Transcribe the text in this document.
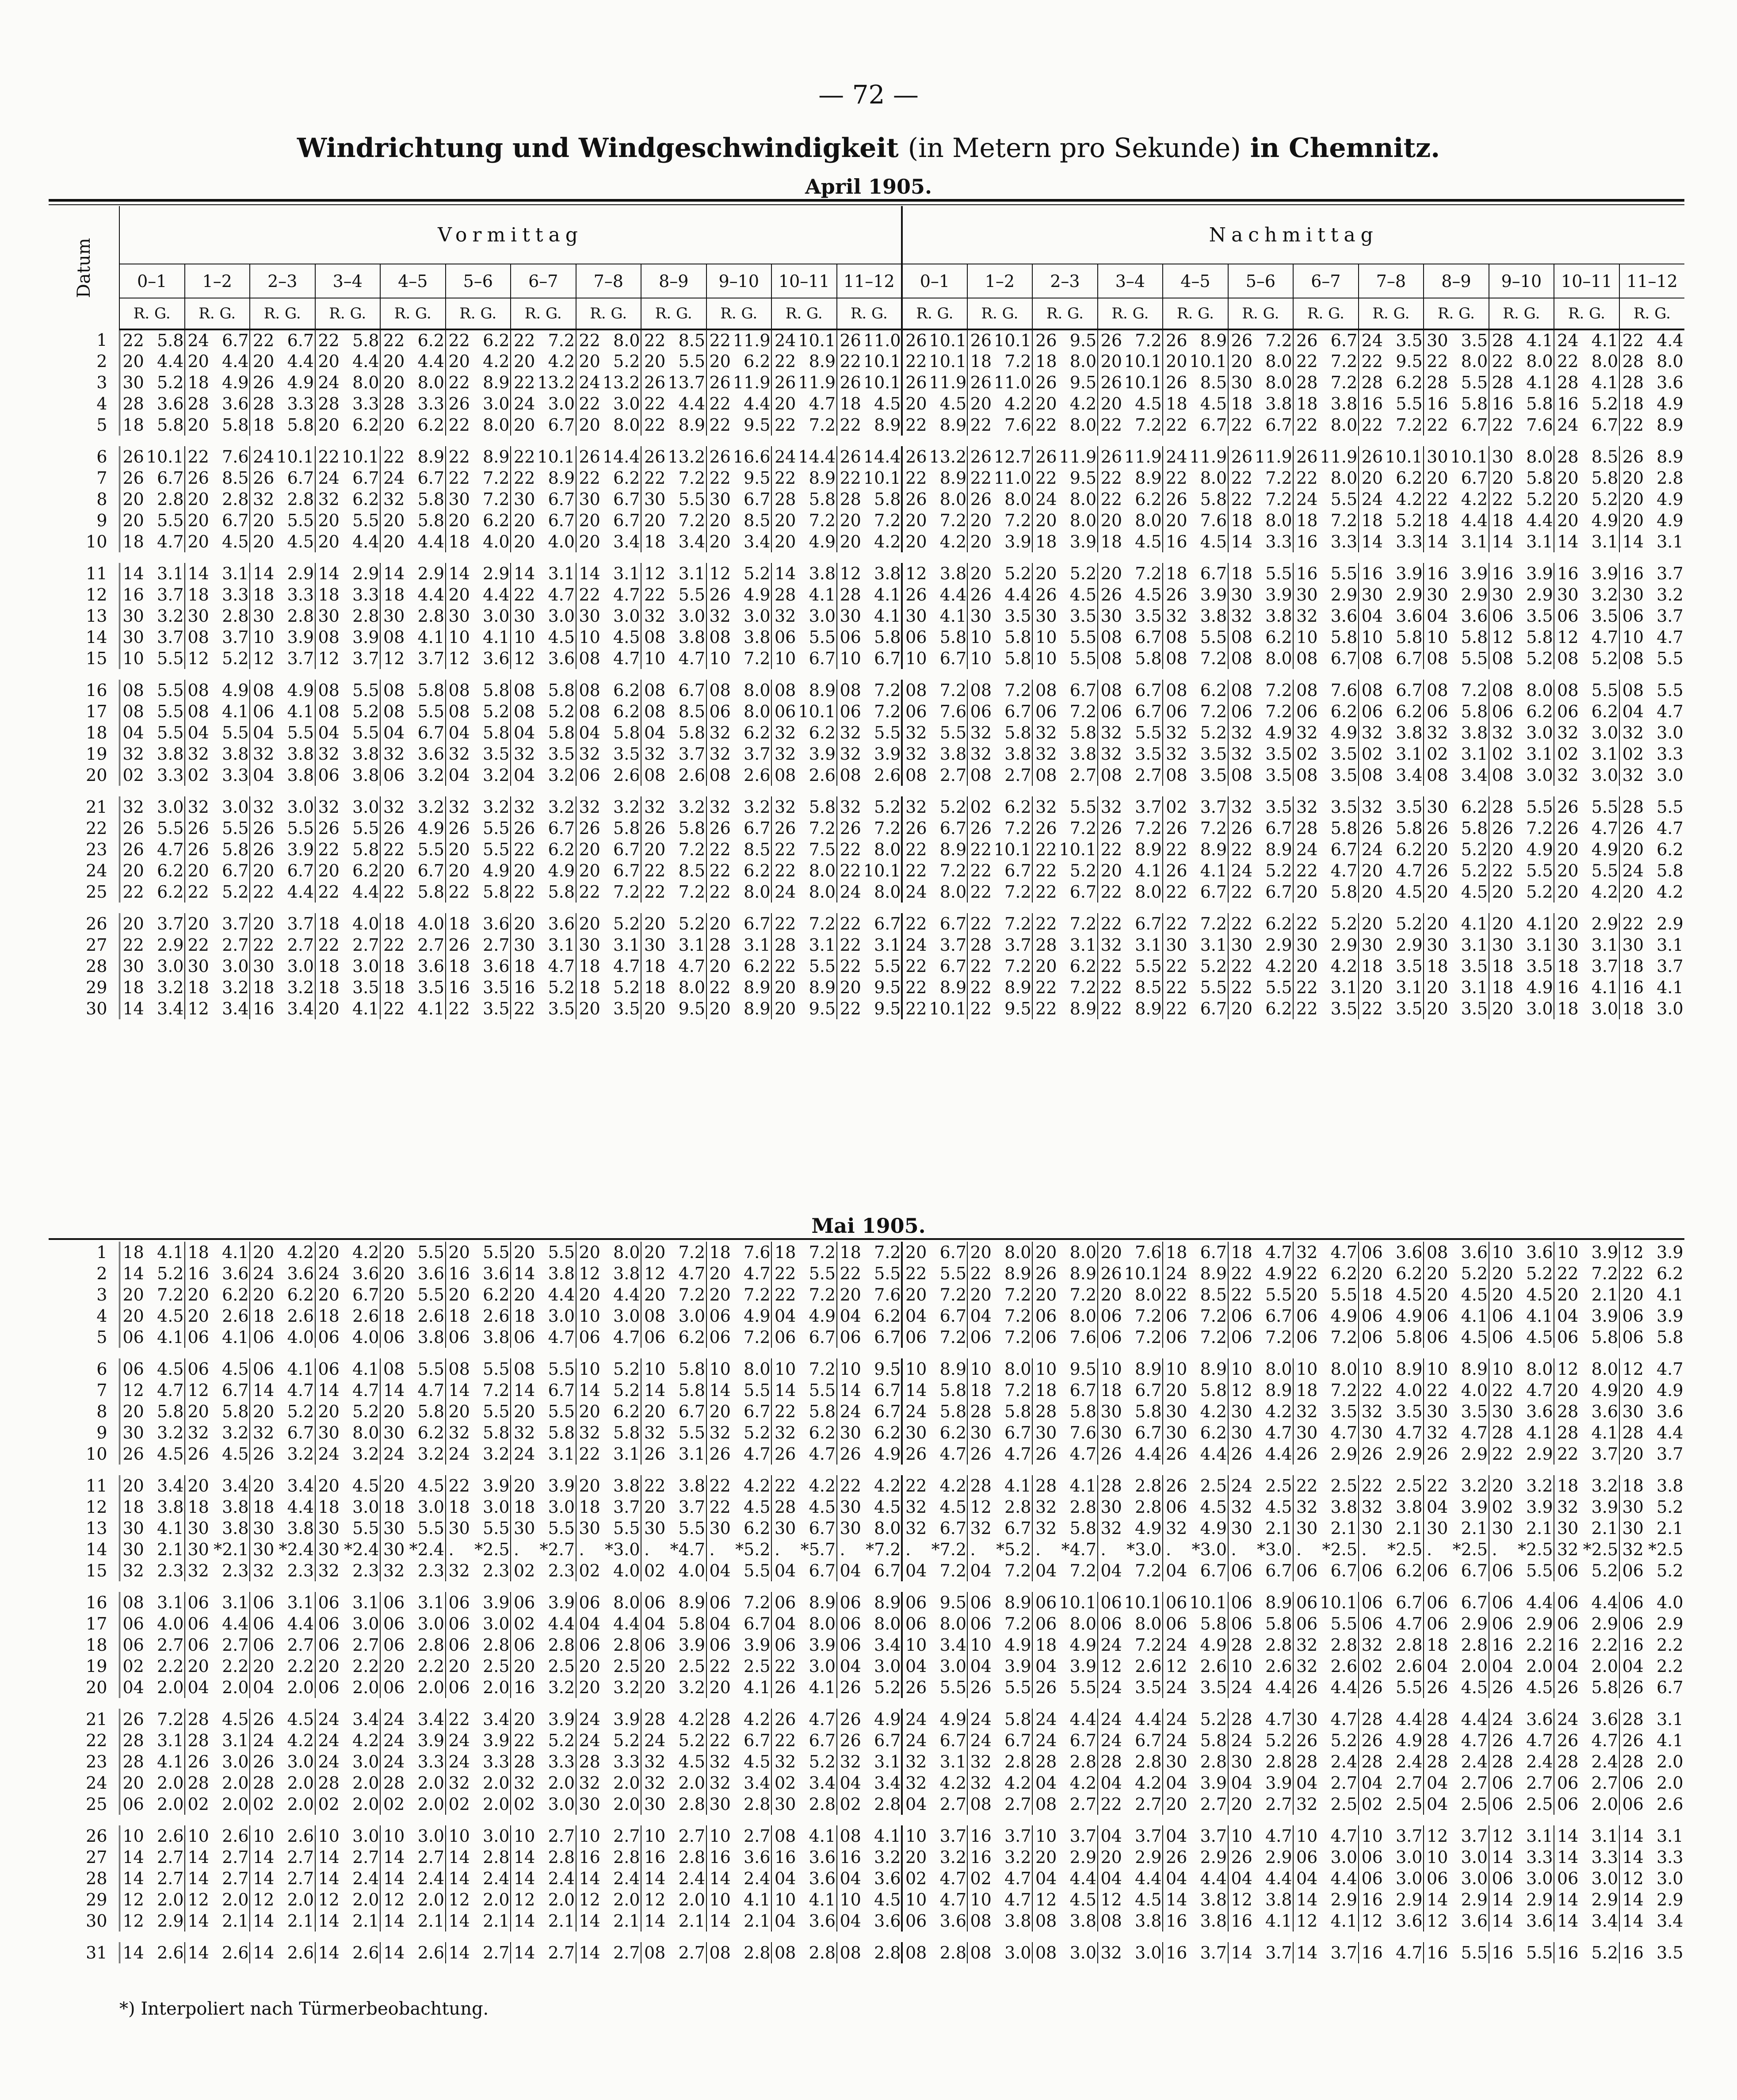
— 72 —
Windrichtung und Windgeschwindigkeit (in Metern pro Sekunde) in Chemnitz.
April 1905.
Mai 1905.
Datum	Vormittag												Nachmittag											
	0–1	1–2	2–3	3–4	4–5	5–6	6–7	7–8	8–9	9–10	10–11	11–12	0–1	1–2	2–3	3–4	4–5	5–6	6–7	7–8	8–9	9–10	10–11	11–12
	R. G.	R. G.	R. G.	R. G.	R. G.	R. G.	R. G.	R. G.	R. G.	R. G.	R. G.	R. G.	R. G.	R. G.	R. G.	R. G.	R. G.	R. G.	R. G.	R. G.	R. G.	R. G.	R. G.	R. G.
1	22 5.8	24 6.7	22 6.7	22 5.8	22 6.2	22 6.2	22 7.2	22 8.0	22 8.5	22 11.9	24 10.1	26 11.0	26 10.1	26 10.1	26 9.5	26 7.2	26 8.9	26 7.2	26 6.7	24 3.5	30 3.5	28 4.1	24 4.1	22 4.4
2	20 4.4	20 4.4	20 4.4	20 4.4	20 4.4	20 4.2	20 4.2	20 5.2	20 5.5	20 6.2	22 8.9	22 10.1	22 10.1	18 7.2	18 8.0	20 10.1	20 10.1	20 8.0	22 7.2	22 9.5	22 8.0	22 8.0	22 8.0	28 8.0
3	30 5.2	18 4.9	26 4.9	24 8.0	20 8.0	22 8.9	22 13.2	24 13.2	26 13.7	26 11.9	26 11.9	26 10.1	26 11.9	26 11.0	26 9.5	26 10.1	26 8.5	30 8.0	28 7.2	28 6.2	28 5.5	28 4.1	28 4.1	28 3.6
4	28 3.6	28 3.6	28 3.3	28 3.3	28 3.3	26 3.0	24 3.0	22 3.0	22 4.4	22 4.4	20 4.7	18 4.5	20 4.5	20 4.2	20 4.2	20 4.5	18 4.5	18 3.8	18 3.8	16 5.5	16 5.8	16 5.8	16 5.2	18 4.9
5	18 5.8	20 5.8	18 5.8	20 6.2	20 6.2	22 8.0	20 6.7	20 8.0	22 8.9	22 9.5	22 7.2	22 8.9	22 8.9	22 7.6	22 8.0	22 7.2	22 6.7	22 6.7	22 8.0	22 7.2	22 6.7	22 7.6	24 6.7	22 8.9

6	26 10.1	22 7.6	24 10.1	22 10.1	22 8.9	22 8.9	22 10.1	26 14.4	26 13.2	26 16.6	24 14.4	26 14.4	26 13.2	26 12.7	26 11.9	26 11.9	24 11.9	26 11.9	26 11.9	26 10.1	30 10.1	30 8.0	28 8.5	26 8.9
7	26 6.7	26 8.5	26 6.7	24 6.7	24 6.7	22 7.2	22 8.9	22 6.2	22 7.2	22 9.5	22 8.9	22 10.1	22 8.9	22 11.0	22 9.5	22 8.9	22 8.0	22 7.2	22 8.0	20 6.2	20 6.7	20 5.8	20 5.8	20 2.8
8	20 2.8	20 2.8	32 2.8	32 6.2	32 5.8	30 7.2	30 6.7	30 6.7	30 5.5	30 6.7	28 5.8	28 5.8	26 8.0	26 8.0	24 8.0	22 6.2	26 5.8	22 7.2	24 5.5	24 4.2	22 4.2	22 5.2	20 5.2	20 4.9
9	20 5.5	20 6.7	20 5.5	20 5.5	20 5.8	20 6.2	20 6.7	20 6.7	20 7.2	20 8.5	20 7.2	20 7.2	20 7.2	20 7.2	20 8.0	20 8.0	20 7.6	18 8.0	18 7.2	18 5.2	18 4.4	18 4.4	20 4.9	20 4.9
10	18 4.7	20 4.5	20 4.5	20 4.4	20 4.4	18 4.0	20 4.0	20 3.4	18 3.4	20 3.4	20 4.9	20 4.2	20 4.2	20 3.9	18 3.9	18 4.5	16 4.5	14 3.3	16 3.3	14 3.3	14 3.1	14 3.1	14 3.1	14 3.1

11	14 3.1	14 3.1	14 2.9	14 2.9	14 2.9	14 2.9	14 3.1	14 3.1	12 3.1	12 5.2	14 3.8	12 3.8	12 3.8	20 5.2	20 5.2	20 7.2	18 6.7	18 5.5	16 5.5	16 3.9	16 3.9	16 3.9	16 3.9	16 3.7
12	16 3.7	18 3.3	18 3.3	18 3.3	18 4.4	20 4.4	22 4.7	22 4.7	22 5.5	26 4.9	28 4.1	28 4.1	26 4.4	26 4.4	26 4.5	26 4.5	26 3.9	30 3.9	30 2.9	30 2.9	30 2.9	30 2.9	30 3.2	30 3.2
13	30 3.2	30 2.8	30 2.8	30 2.8	30 2.8	30 3.0	30 3.0	30 3.0	32 3.0	32 3.0	32 3.0	30 4.1	30 4.1	30 3.5	30 3.5	30 3.5	32 3.8	32 3.8	32 3.6	04 3.6	04 3.6	06 3.5	06 3.5	06 3.7
14	30 3.7	08 3.7	10 3.9	08 3.9	08 4.1	10 4.1	10 4.5	10 4.5	08 3.8	08 3.8	06 5.5	06 5.8	06 5.8	10 5.8	10 5.5	08 6.7	08 5.5	08 6.2	10 5.8	10 5.8	10 5.8	12 5.8	12 4.7	10 4.7
15	10 5.5	12 5.2	12 3.7	12 3.7	12 3.7	12 3.6	12 3.6	08 4.7	10 4.7	10 7.2	10 6.7	10 6.7	10 6.7	10 5.8	10 5.5	08 5.8	08 7.2	08 8.0	08 6.7	08 6.7	08 5.5	08 5.2	08 5.2	08 5.5

16	08 5.5	08 4.9	08 4.9	08 5.5	08 5.8	08 5.8	08 5.8	08 6.2	08 6.7	08 8.0	08 8.9	08 7.2	08 7.2	08 7.2	08 6.7	08 6.7	08 6.2	08 7.2	08 7.6	08 6.7	08 7.2	08 8.0	08 5.5	08 5.5
17	08 5.5	08 4.1	06 4.1	08 5.2	08 5.5	08 5.2	08 5.2	08 6.2	08 8.5	06 8.0	06 10.1	06 7.2	06 7.6	06 6.7	06 7.2	06 6.7	06 7.2	06 7.2	06 6.2	06 6.2	06 5.8	06 6.2	06 6.2	04 4.7
18	04 5.5	04 5.5	04 5.5	04 5.5	04 6.7	04 5.8	04 5.8	04 5.8	04 5.8	32 6.2	32 6.2	32 5.5	32 5.5	32 5.8	32 5.8	32 5.5	32 5.2	32 4.9	32 4.9	32 3.8	32 3.8	32 3.0	32 3.0	32 3.0
19	32 3.8	32 3.8	32 3.8	32 3.8	32 3.6	32 3.5	32 3.5	32 3.5	32 3.7	32 3.7	32 3.9	32 3.9	32 3.8	32 3.8	32 3.8	32 3.5	32 3.5	32 3.5	02 3.5	02 3.1	02 3.1	02 3.1	02 3.1	02 3.3
20	02 3.3	02 3.3	04 3.8	06 3.8	06 3.2	04 3.2	04 3.2	06 2.6	08 2.6	08 2.6	08 2.6	08 2.6	08 2.7	08 2.7	08 2.7	08 2.7	08 3.5	08 3.5	08 3.5	08 3.4	08 3.4	08 3.0	32 3.0	32 3.0

21	32 3.0	32 3.0	32 3.0	32 3.0	32 3.2	32 3.2	32 3.2	32 3.2	32 3.2	32 3.2	32 5.8	32 5.2	32 5.2	02 6.2	32 5.5	32 3.7	02 3.7	32 3.5	32 3.5	32 3.5	30 6.2	28 5.5	26 5.5	28 5.5
22	26 5.5	26 5.5	26 5.5	26 5.5	26 4.9	26 5.5	26 6.7	26 5.8	26 5.8	26 6.7	26 7.2	26 7.2	26 6.7	26 7.2	26 7.2	26 7.2	26 7.2	26 6.7	28 5.8	26 5.8	26 5.8	26 7.2	26 4.7	26 4.7
23	26 4.7	26 5.8	26 3.9	22 5.8	22 5.5	20 5.5	22 6.2	20 6.7	20 7.2	22 8.5	22 7.5	22 8.0	22 8.9	22 10.1	22 10.1	22 8.9	22 8.9	22 8.9	24 6.7	24 6.2	20 5.2	20 4.9	20 4.9	20 6.2
24	20 6.2	20 6.7	20 6.7	20 6.2	20 6.7	20 4.9	20 4.9	20 6.7	22 8.5	22 6.2	22 8.0	22 10.1	22 7.2	22 6.7	22 5.2	20 4.1	26 4.1	24 5.2	22 4.7	20 4.7	26 5.2	22 5.5	20 5.5	24 5.8
25	22 6.2	22 5.2	22 4.4	22 4.4	22 5.8	22 5.8	22 5.8	22 7.2	22 7.2	22 8.0	24 8.0	24 8.0	24 8.0	22 7.2	22 6.7	22 8.0	22 6.7	22 6.7	20 5.8	20 4.5	20 4.5	20 5.2	20 4.2	20 4.2

26	20 3.7	20 3.7	20 3.7	18 4.0	18 4.0	18 3.6	20 3.6	20 5.2	20 5.2	20 6.7	22 7.2	22 6.7	22 6.7	22 7.2	22 7.2	22 6.7	22 7.2	22 6.2	22 5.2	20 5.2	20 4.1	20 4.1	20 2.9	22 2.9
27	22 2.9	22 2.7	22 2.7	22 2.7	22 2.7	26 2.7	30 3.1	30 3.1	30 3.1	28 3.1	28 3.1	22 3.1	24 3.7	28 3.7	28 3.1	32 3.1	30 3.1	30 2.9	30 2.9	30 2.9	30 3.1	30 3.1	30 3.1	30 3.1
28	30 3.0	30 3.0	30 3.0	18 3.0	18 3.6	18 3.6	18 4.7	18 4.7	18 4.7	20 6.2	22 5.5	22 5.5	22 6.7	22 7.2	20 6.2	22 5.5	22 5.2	22 4.2	20 4.2	18 3.5	18 3.5	18 3.5	18 3.7	18 3.7
29	18 3.2	18 3.2	18 3.2	18 3.5	18 3.5	16 3.5	16 5.2	18 5.2	18 8.0	22 8.9	20 8.9	20 9.5	22 8.9	22 8.9	22 7.2	22 8.5	22 5.5	22 5.5	22 3.1	20 3.1	20 3.1	18 4.9	16 4.1	16 4.1
30	14 3.4	12 3.4	16 3.4	20 4.1	22 4.1	22 3.5	22 3.5	20 3.5	20 9.5	20 8.9	20 9.5	22 9.5	22 10.1	22 9.5	22 8.9	22 8.9	22 6.7	20 6.2	22 3.5	22 3.5	20 3.5	20 3.0	18 3.0	18 3.0
1	18 4.1	18 4.1	20 4.2	20 4.2	20 5.5	20 5.5	20 5.5	20 8.0	20 7.2	18 7.6	18 7.2	18 7.2	20 6.7	20 8.0	20 8.0	20 7.6	18 6.7	18 4.7	32 4.7	06 3.6	08 3.6	10 3.6	10 3.9	12 3.9
2	14 5.2	16 3.6	24 3.6	24 3.6	20 3.6	16 3.6	14 3.8	12 3.8	12 4.7	20 4.7	22 5.5	22 5.5	22 5.5	22 8.9	26 8.9	26 10.1	24 8.9	22 4.9	22 6.2	20 6.2	20 5.2	20 5.2	22 7.2	22 6.2
3	20 7.2	20 6.2	20 6.2	20 6.7	20 5.5	20 6.2	20 4.4	20 4.4	20 7.2	20 7.2	22 7.2	20 7.6	20 7.2	20 7.2	20 7.2	20 8.0	22 8.5	22 5.5	20 5.5	18 4.5	20 4.5	20 4.5	20 2.1	20 4.1
4	20 4.5	20 2.6	18 2.6	18 2.6	18 2.6	18 2.6	18 3.0	10 3.0	08 3.0	06 4.9	04 4.9	04 6.2	04 6.7	04 7.2	06 8.0	06 7.2	06 7.2	06 6.7	06 4.9	06 4.9	06 4.1	06 4.1	04 3.9	06 3.9
5	06 4.1	06 4.1	06 4.0	06 4.0	06 3.8	06 3.8	06 4.7	06 4.7	06 6.2	06 7.2	06 6.7	06 6.7	06 7.2	06 7.2	06 7.6	06 7.2	06 7.2	06 7.2	06 7.2	06 5.8	06 4.5	06 4.5	06 5.8	06 5.8

6	06 4.5	06 4.5	06 4.1	06 4.1	08 5.5	08 5.5	08 5.5	10 5.2	10 5.8	10 8.0	10 7.2	10 9.5	10 8.9	10 8.0	10 9.5	10 8.9	10 8.9	10 8.0	10 8.0	10 8.9	10 8.9	10 8.0	12 8.0	12 4.7
7	12 4.7	12 6.7	14 4.7	14 4.7	14 4.7	14 7.2	14 6.7	14 5.2	14 5.8	14 5.5	14 5.5	14 6.7	14 5.8	18 7.2	18 6.7	18 6.7	20 5.8	12 8.9	18 7.2	22 4.0	22 4.0	22 4.7	20 4.9	20 4.9
8	20 5.8	20 5.8	20 5.2	20 5.2	20 5.8	20 5.5	20 5.5	20 6.2	20 6.7	20 6.7	22 5.8	24 6.7	24 5.8	28 5.8	28 5.8	30 5.8	30 4.2	30 4.2	32 3.5	32 3.5	30 3.5	30 3.6	28 3.6	30 3.6
9	30 3.2	32 3.2	32 6.7	30 8.0	30 6.2	32 5.8	32 5.8	32 5.8	32 5.5	32 5.2	32 6.2	30 6.2	30 6.2	30 6.7	30 7.6	30 6.7	30 6.2	30 4.7	30 4.7	30 4.7	32 4.7	28 4.1	28 4.1	28 4.4
10	26 4.5	26 4.5	26 3.2	24 3.2	24 3.2	24 3.2	24 3.1	22 3.1	26 3.1	26 4.7	26 4.7	26 4.9	26 4.7	26 4.7	26 4.7	26 4.4	26 4.4	26 4.4	26 2.9	26 2.9	26 2.9	22 2.9	22 3.7	20 3.7

11	20 3.4	20 3.4	20 3.4	20 4.5	20 4.5	22 3.9	20 3.9	20 3.8	22 3.8	22 4.2	22 4.2	22 4.2	22 4.2	28 4.1	28 4.1	28 2.8	26 2.5	24 2.5	22 2.5	22 2.5	22 3.2	20 3.2	18 3.2	18 3.8
12	18 3.8	18 3.8	18 4.4	18 3.0	18 3.0	18 3.0	18 3.0	18 3.7	20 3.7	22 4.5	28 4.5	30 4.5	32 4.5	12 2.8	32 2.8	30 2.8	06 4.5	32 4.5	32 3.8	32 3.8	04 3.9	02 3.9	32 3.9	30 5.2
13	30 4.1	30 3.8	30 3.8	30 5.5	30 5.5	30 5.5	30 5.5	30 5.5	30 5.5	30 6.2	30 6.7	30 8.0	32 6.7	32 6.7	32 5.8	32 4.9	32 4.9	30 2.1	30 2.1	30 2.1	30 2.1	30 2.1	30 2.1	30 2.1
14	30 2.1	30 *2.1	30 *2.4	30 *2.4	30 *2.4	. *2.5	. *2.7	. *3.0	. *4.7	. *5.2	. *5.7	. *7.2	. *7.2	. *5.2	. *4.7	. *3.0	. *3.0	. *3.0	. *2.5	. *2.5	. *2.5	. *2.5	32 *2.5	32 *2.5
15	32 2.3	32 2.3	32 2.3	32 2.3	32 2.3	32 2.3	02 2.3	02 4.0	02 4.0	04 5.5	04 6.7	04 6.7	04 7.2	04 7.2	04 7.2	04 7.2	04 6.7	06 6.7	06 6.7	06 6.2	06 6.7	06 5.5	06 5.2	06 5.2

16	08 3.1	06 3.1	06 3.1	06 3.1	06 3.1	06 3.9	06 3.9	06 8.0	06 8.9	06 7.2	06 8.9	06 8.9	06 9.5	06 8.9	06 10.1	06 10.1	06 10.1	06 8.9	06 10.1	06 6.7	06 6.7	06 4.4	06 4.4	06 4.0
17	06 4.0	06 4.4	06 4.4	06 3.0	06 3.0	06 3.0	02 4.4	04 4.4	04 5.8	04 6.7	04 8.0	06 8.0	06 8.0	06 7.2	06 8.0	06 8.0	06 5.8	06 5.8	06 5.5	06 4.7	06 2.9	06 2.9	06 2.9	06 2.9
18	06 2.7	06 2.7	06 2.7	06 2.7	06 2.8	06 2.8	06 2.8	06 2.8	06 3.9	06 3.9	06 3.9	06 3.4	10 3.4	10 4.9	18 4.9	24 7.2	24 4.9	28 2.8	32 2.8	32 2.8	18 2.8	16 2.2	16 2.2	16 2.2
19	02 2.2	20 2.2	20 2.2	20 2.2	20 2.2	20 2.5	20 2.5	20 2.5	20 2.5	22 2.5	22 3.0	04 3.0	04 3.0	04 3.9	04 3.9	12 2.6	12 2.6	10 2.6	32 2.6	02 2.6	04 2.0	04 2.0	04 2.0	04 2.2
20	04 2.0	04 2.0	04 2.0	06 2.0	06 2.0	06 2.0	16 3.2	20 3.2	20 3.2	20 4.1	26 4.1	26 5.2	26 5.5	26 5.5	26 5.5	24 3.5	24 3.5	24 4.4	26 4.4	26 5.5	26 4.5	26 4.5	26 5.8	26 6.7

21	26 7.2	28 4.5	26 4.5	24 3.4	24 3.4	22 3.4	20 3.9	24 3.9	28 4.2	28 4.2	26 4.7	26 4.9	24 4.9	24 5.8	24 4.4	24 4.4	24 5.2	28 4.7	30 4.7	28 4.4	28 4.4	24 3.6	24 3.6	28 3.1
22	28 3.1	28 3.1	24 4.2	24 4.2	24 3.9	24 3.9	22 5.2	24 5.2	24 5.2	22 6.7	22 6.7	26 6.7	24 6.7	24 6.7	24 6.7	24 6.7	24 5.8	24 5.2	26 5.2	26 4.9	28 4.7	26 4.7	26 4.7	26 4.1
23	28 4.1	26 3.0	26 3.0	24 3.0	24 3.3	24 3.3	28 3.3	28 3.3	32 4.5	32 4.5	32 5.2	32 3.1	32 3.1	32 2.8	28 2.8	28 2.8	30 2.8	30 2.8	28 2.4	28 2.4	28 2.4	28 2.4	28 2.4	28 2.0
24	20 2.0	28 2.0	28 2.0	28 2.0	28 2.0	32 2.0	32 2.0	32 2.0	32 2.0	32 3.4	02 3.4	04 3.4	32 4.2	32 4.2	04 4.2	04 4.2	04 3.9	04 3.9	04 2.7	04 2.7	04 2.7	06 2.7	06 2.7	06 2.0
25	06 2.0	02 2.0	02 2.0	02 2.0	02 2.0	02 2.0	02 3.0	30 2.0	30 2.8	30 2.8	30 2.8	02 2.8	04 2.7	08 2.7	08 2.7	22 2.7	20 2.7	20 2.7	32 2.5	02 2.5	04 2.5	06 2.5	06 2.0	06 2.6

26	10 2.6	10 2.6	10 2.6	10 3.0	10 3.0	10 3.0	10 2.7	10 2.7	10 2.7	10 2.7	08 4.1	08 4.1	10 3.7	16 3.7	10 3.7	04 3.7	04 3.7	10 4.7	10 4.7	10 3.7	12 3.7	12 3.1	14 3.1	14 3.1
27	14 2.7	14 2.7	14 2.7	14 2.7	14 2.7	14 2.8	14 2.8	16 2.8	16 2.8	16 3.6	16 3.6	16 3.2	20 3.2	16 3.2	20 2.9	20 2.9	26 2.9	26 2.9	06 3.0	06 3.0	10 3.0	14 3.3	14 3.3	14 3.3
28	14 2.7	14 2.7	14 2.7	14 2.4	14 2.4	14 2.4	14 2.4	14 2.4	14 2.4	14 2.4	04 3.6	04 3.6	02 4.7	02 4.7	04 4.4	04 4.4	04 4.4	04 4.4	04 4.4	06 3.0	06 3.0	06 3.0	06 3.0	12 3.0
29	12 2.0	12 2.0	12 2.0	12 2.0	12 2.0	12 2.0	12 2.0	12 2.0	12 2.0	10 4.1	10 4.1	10 4.5	10 4.7	10 4.7	12 4.5	12 4.5	14 3.8	12 3.8	14 2.9	16 2.9	14 2.9	14 2.9	14 2.9	14 2.9
30	12 2.9	14 2.1	14 2.1	14 2.1	14 2.1	14 2.1	14 2.1	14 2.1	14 2.1	14 2.1	04 3.6	04 3.6	06 3.6	08 3.8	08 3.8	08 3.8	16 3.8	16 4.1	12 4.1	12 3.6	12 3.6	14 3.6	14 3.4	14 3.4

31	14 2.6	14 2.6	14 2.6	14 2.6	14 2.6	14 2.7	14 2.7	14 2.7	08 2.7	08 2.8	08 2.8	08 2.8	08 2.8	08 3.0	08 3.0	32 3.0	16 3.7	14 3.7	14 3.7	16 4.7	16 5.5	16 5.5	16 5.2	16 3.5
*) Interpoliert nach Türmerbeobachtung.
